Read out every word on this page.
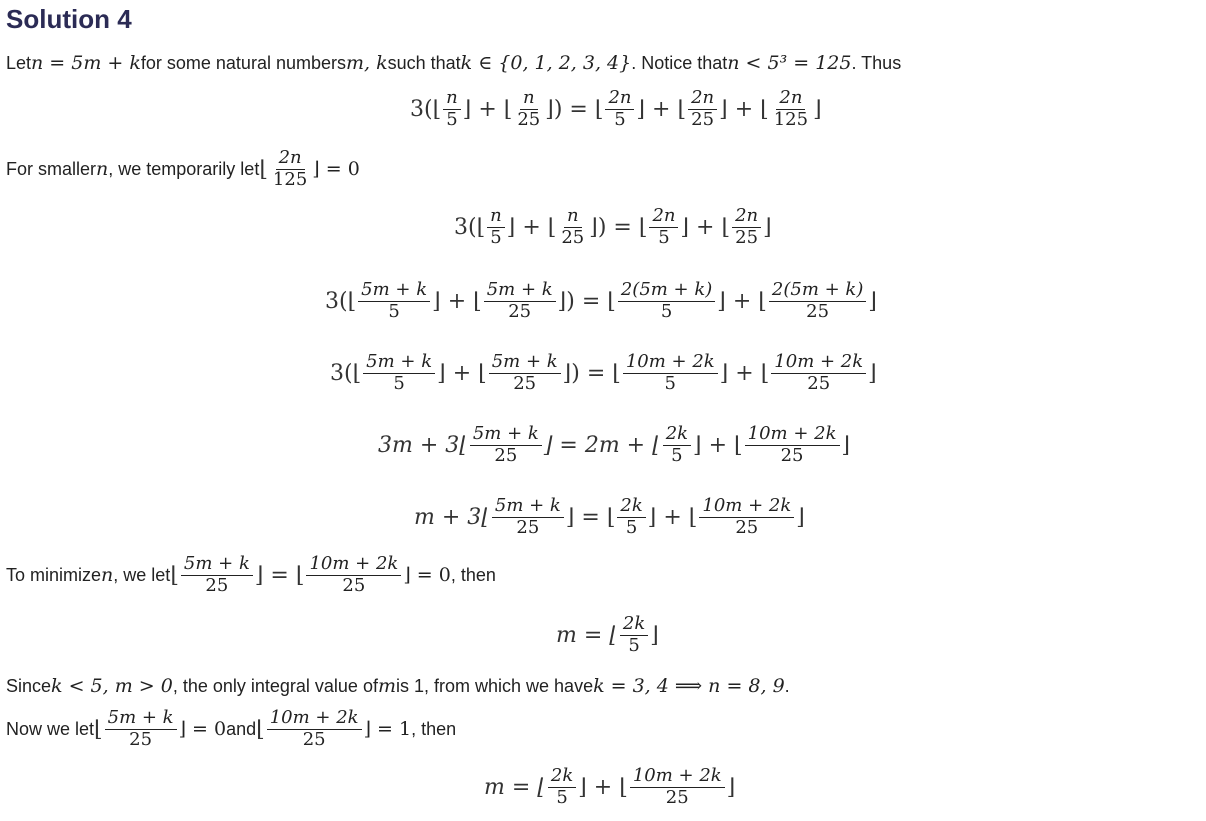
Solution 4
Let n = 5m + k for some natural numbers m, k such that k ∈ {0, 1, 2, 3, 4} . Notice that n < 5³ = 125 . Thus
3(⌊ $\frac{n}{5}$ ⌋ + ⌊ $\frac{n}{25}$ ⌋) = ⌊ $\frac{2n}{5}$ ⌋ + ⌊ $\frac{2n}{25}$ ⌋ + ⌊ $\frac{2n}{125}$ ⌋
For smaller n , we temporarily let ⌊ $\frac{2n}{125}$ ⌋ = 0
3(⌊ $\frac{n}{5}$ ⌋ + ⌊ $\frac{n}{25}$ ⌋) = ⌊ $\frac{2n}{5}$ ⌋ + ⌊ $\frac{2n}{25}$ ⌋
3(⌊ $\frac{5m + k}{5}$ ⌋ + ⌊ $\frac{5m + k}{25}$ ⌋) = ⌊ $\frac{2(5m + k)}{5}$ ⌋ + ⌊ $\frac{2(5m + k)}{25}$ ⌋
3(⌊ $\frac{5m + k}{5}$ ⌋ + ⌊ $\frac{5m + k}{25}$ ⌋) = ⌊ $\frac{10m + 2k}{5}$ ⌋ + ⌊ $\frac{10m + 2k}{25}$ ⌋
3m + 3⌊ $\frac{5m + k}{25}$ ⌋ = 2m + ⌊ $\frac{2k}{5}$ ⌋ + ⌊ $\frac{10m + 2k}{25}$ ⌋
m + 3⌊ $\frac{5m + k}{25}$ ⌋ = ⌊ $\frac{2k}{5}$ ⌋ + ⌊ $\frac{10m + 2k}{25}$ ⌋
To minimize n , we let ⌊ $\frac{5m + k}{25}$ ⌋ = ⌊ $\frac{10m + 2k}{25}$ ⌋ = 0 , then
m = ⌊ $\frac{2k}{5}$ ⌋
Since k < 5, m > 0 , the only integral value of m is 1, from which we have k = 3, 4 ⟹ n = 8, 9 .
Now we let ⌊ $\frac{5m + k}{25}$ ⌋ = 0 and ⌊ $\frac{10m + 2k}{25}$ ⌋ = 1 , then
m = ⌊ $\frac{2k}{5}$ ⌋ + ⌊ $\frac{10m + 2k}{25}$ ⌋
